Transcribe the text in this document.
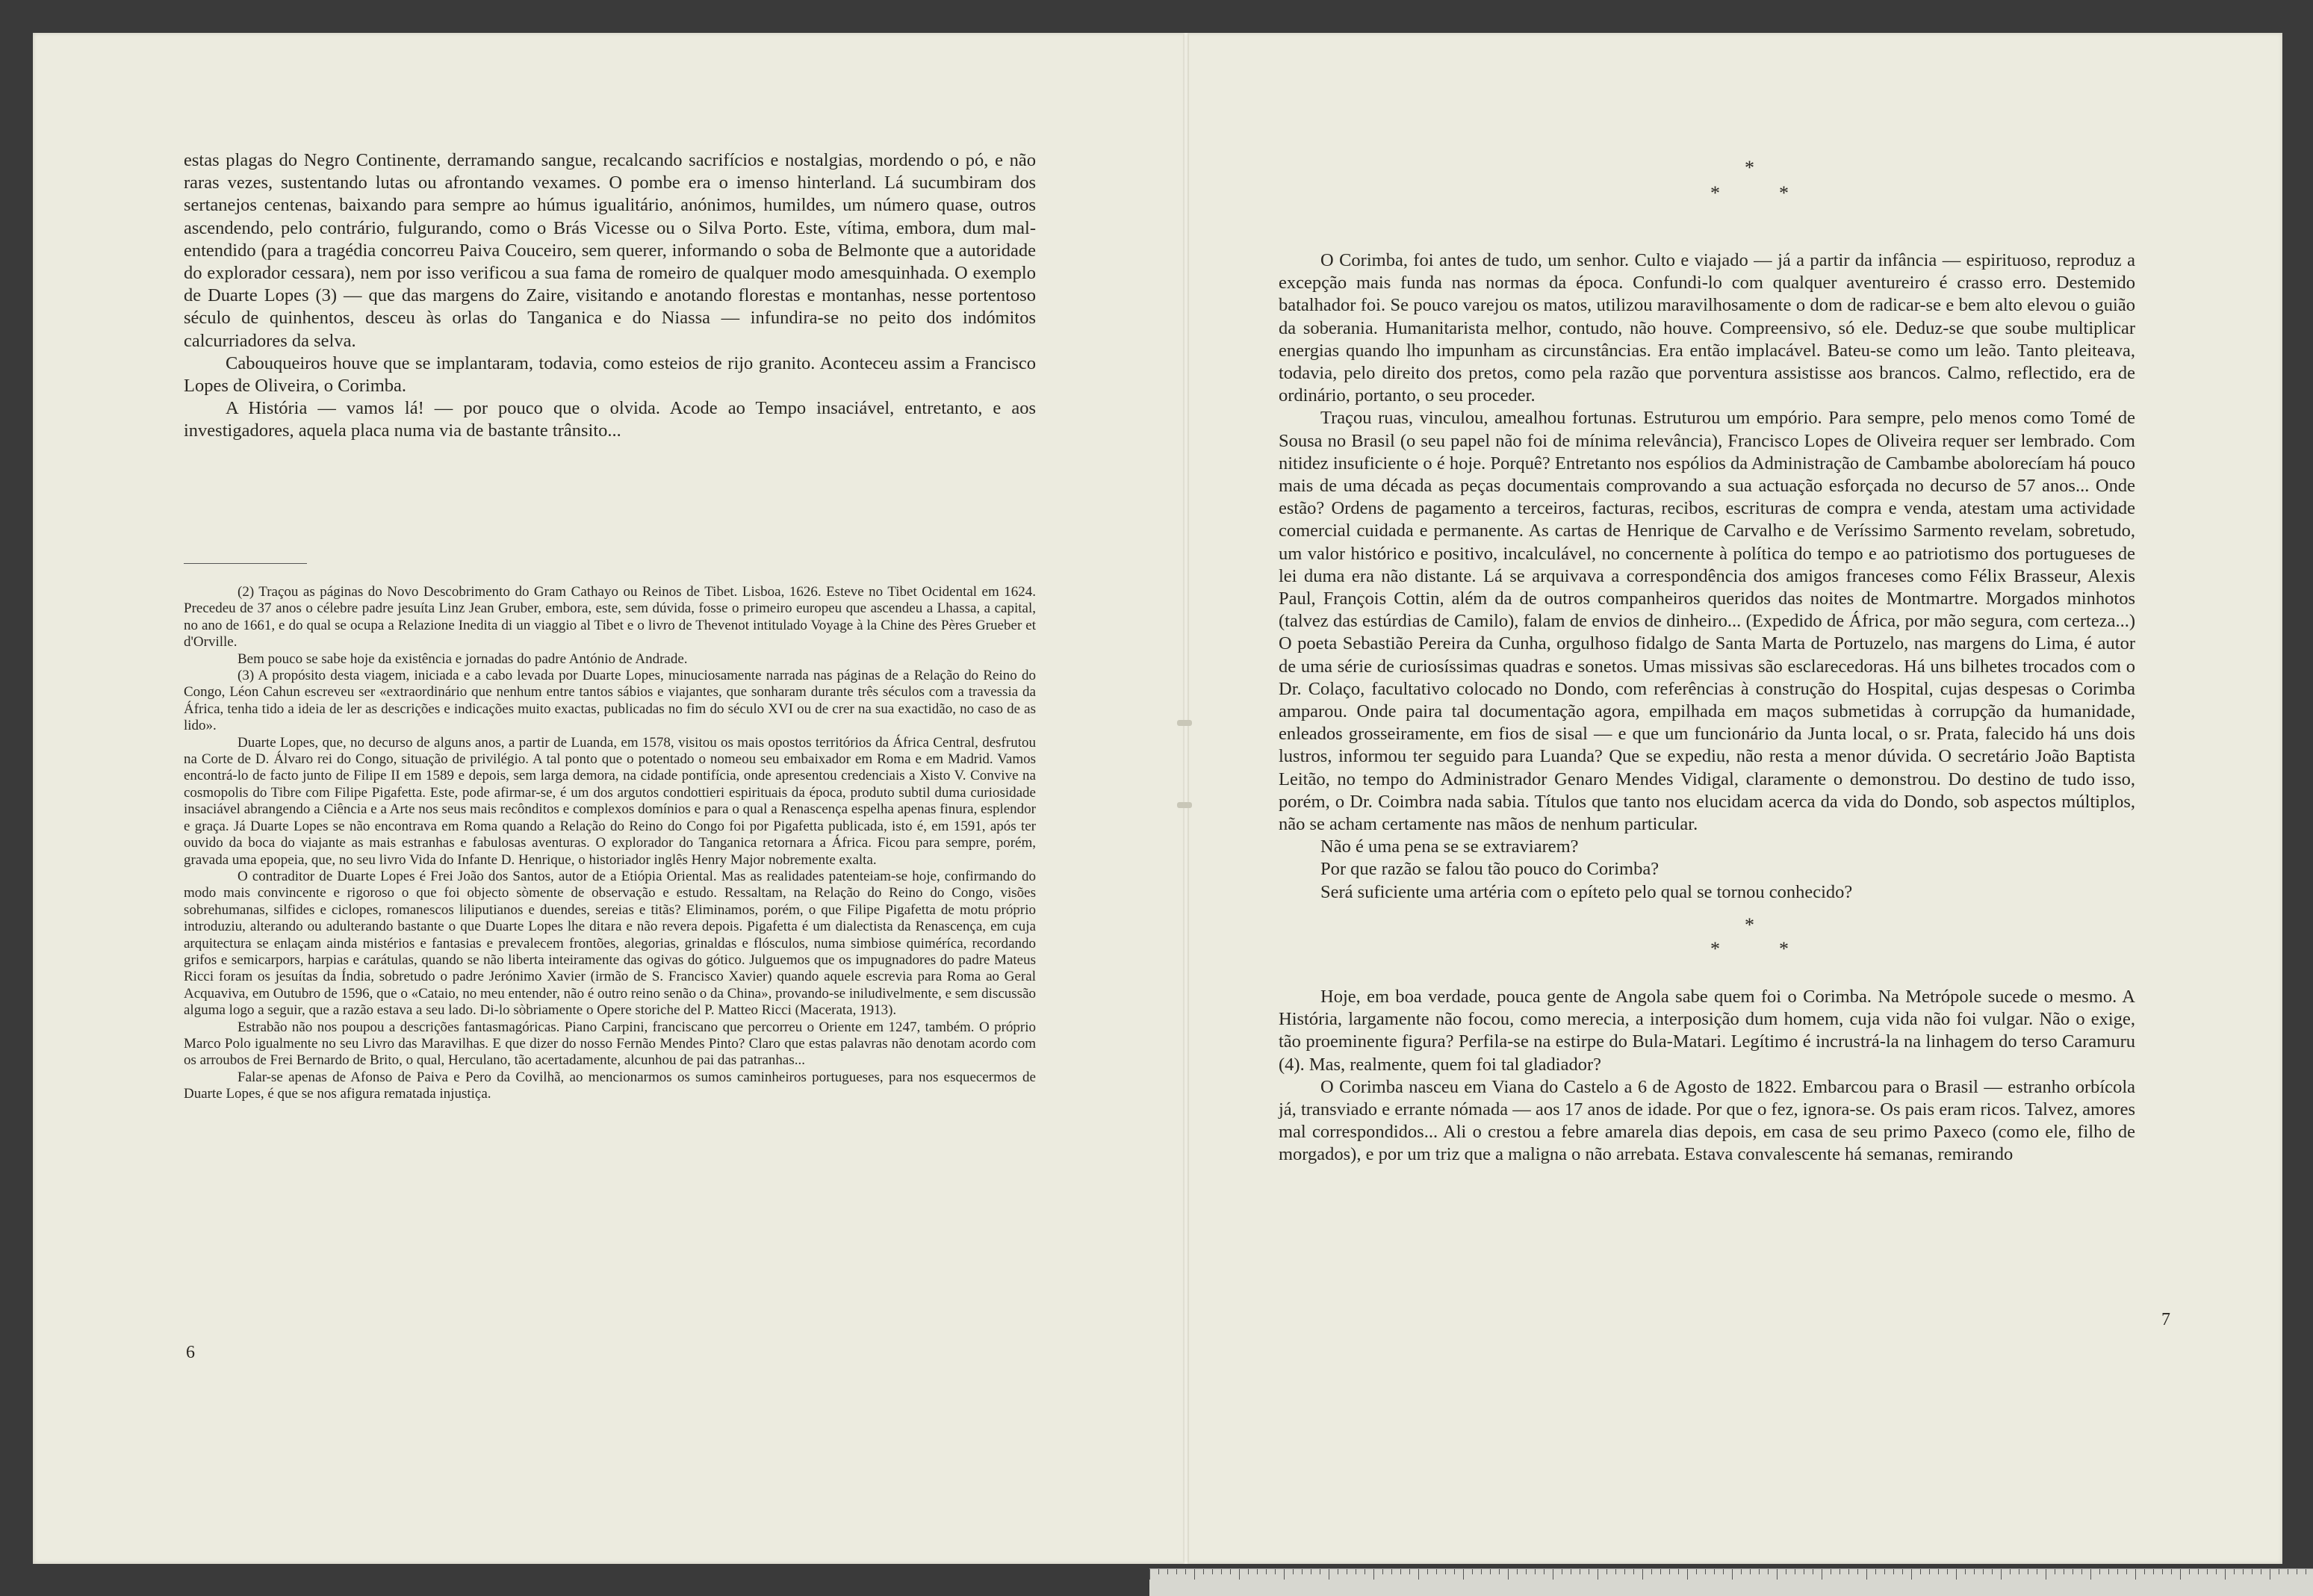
estas plagas do Negro Continente, derramando sangue, recalcando sacrifícios e nostalgias, mordendo o pó, e não raras vezes, sustentando lutas ou afrontando vexames. O pombe era o imenso hinterland. Lá sucumbiram dos sertanejos centenas, baixando para sempre ao húmus igualitário, anónimos, humildes, um número quase, outros ascendendo, pelo contrário, fulgurando, como o Brás Vicesse ou o Silva Porto. Este, vítima, embora, dum mal-entendido (para a tragédia concorreu Paiva Couceiro, sem querer, informando o soba de Belmonte que a autoridade do explorador cessara), nem por isso verificou a sua fama de romeiro de qualquer modo amesquinhada. O exemplo de Duarte Lopes (3) — que das margens do Zaire, visitando e anotando florestas e montanhas, nesse portentoso século de quinhentos, desceu às orlas do Tanganica e do Niassa — infundira-se no peito dos indómitos calcurriadores da selva.

Cabouqueiros houve que se implantaram, todavia, como esteios de rijo granito. Aconteceu assim a Francisco Lopes de Oliveira, o Corimba.

A História — vamos lá! — por pouco que o olvida. Acode ao Tempo insaciável, entretanto, e aos investigadores, aquela placa numa via de bastante trânsito...

(2) Traçou as páginas do Novo Descobrimento do Gram Cathayo ou Reinos de Tibet. Lisboa, 1626. Esteve no Tibet Ocidental em 1624. Precedeu de 37 anos o célebre padre jesuíta Linz Jean Gruber, embora, este, sem dúvida, fosse o primeiro europeu que ascendeu a Lhassa, a capital, no ano de 1661, e do qual se ocupa a Relazione Inedita di un viaggio al Tibet e o livro de Thevenot intitulado Voyage à la Chine des Pères Grueber et d'Orville.

Bem pouco se sabe hoje da existência e jornadas do padre António de Andrade.

(3) A propósito desta viagem, iniciada e a cabo levada por Duarte Lopes, minuciosamente narrada nas páginas de a Relação do Reino do Congo, Léon Cahun escreveu ser «extraordinário que nenhum entre tantos sábios e viajantes, que sonharam durante três séculos com a travessia da África, tenha tido a ideia de ler as descrições e indicações muito exactas, publicadas no fim do século XVI ou de crer na sua exactidão, no caso de as lido».

Duarte Lopes, que, no decurso de alguns anos, a partir de Luanda, em 1578, visitou os mais opostos territórios da África Central, desfrutou na Corte de D. Álvaro rei do Congo, situação de privilégio. A tal ponto que o potentado o nomeou seu embaixador em Roma e em Madrid. Vamos encontrá-lo de facto junto de Filipe II em 1589 e depois, sem larga demora, na cidade pontifícia, onde apresentou credenciais a Xisto V. Convive na cosmopolis do Tibre com Filipe Pigafetta. Este, pode afirmar-se, é um dos argutos condottieri espirituais da época, produto subtil duma curiosidade insaciável abrangendo a Ciência e a Arte nos seus mais recônditos e complexos domínios e para o qual a Renascença espelha apenas finura, esplendor e graça. Já Duarte Lopes se não encontrava em Roma quando a Relação do Reino do Congo foi por Pigafetta publicada, isto é, em 1591, após ter ouvido da boca do viajante as mais estranhas e fabulosas aventuras. O explorador do Tanganica retornara a África. Ficou para sempre, porém, gravada uma epopeia, que, no seu livro Vida do Infante D. Henrique, o historiador inglês Henry Major nobremente exalta.

O contraditor de Duarte Lopes é Frei João dos Santos, autor de a Etiópia Oriental. Mas as realidades patenteiam-se hoje, confirmando do modo mais convincente e rigoroso o que foi objecto sòmente de observação e estudo. Ressaltam, na Relação do Reino do Congo, visões sobrehumanas, silfides e ciclopes, romanescos liliputianos e duendes, sereias e titãs? Eliminamos, porém, o que Filipe Pigafetta de motu próprio introduziu, alterando ou adulterando bastante o que Duarte Lopes lhe ditara e não revera depois. Pigafetta é um dialectista da Renascença, em cuja arquitectura se enlaçam ainda mistérios e fantasias e prevalecem frontões, alegorias, grinaldas e flósculos, numa simbiose quiméríca, recordando grifos e semicarpors, harpias e carátulas, quando se não liberta inteiramente das ogivas do gótico. Julguemos que os impugnadores do padre Mateus Ricci foram os jesuítas da Índia, sobretudo o padre Jerónimo Xavier (irmão de S. Francisco Xavier) quando aquele escrevia para Roma ao Geral Acquaviva, em Outubro de 1596, que o «Cataio, no meu entender, não é outro reino senão o da China», provando-se iniludivelmente, e sem discussão alguma logo a seguir, que a razão estava a seu lado. Di-lo sòbriamente o Opere storiche del P. Matteo Ricci (Macerata, 1913).

Estrabão não nos poupou a descrições fantasmagóricas. Piano Carpini, franciscano que percorreu o Oriente em 1247, também. O próprio Marco Polo igualmente no seu Livro das Maravilhas. E que dizer do nosso Fernão Mendes Pinto? Claro que estas palavras não denotam acordo com os arroubos de Frei Bernardo de Brito, o qual, Herculano, tão acertadamente, alcunhou de pai das patranhas...

Falar-se apenas de Afonso de Paiva e Pero da Covilhã, ao mencionarmos os sumos caminheiros portugueses, para nos esquecermos de Duarte Lopes, é que se nos afigura rematada injustiça.

6
*
*	*

O Corimba, foi antes de tudo, um senhor. Culto e viajado — já a partir da infância — espirituoso, reproduz a excepção mais funda nas normas da época. Confundi-lo com qualquer aventureiro é crasso erro. Destemido batalhador foi. Se pouco varejou os matos, utilizou maravilhosamente o dom de radicar-se e bem alto elevou o guião da soberania. Humanitarista melhor, contudo, não houve. Compreensivo, só ele. Deduz-se que soube multiplicar energias quando lho impunham as circunstâncias. Era então implacável. Bateu-se como um leão. Tanto pleiteava, todavia, pelo direito dos pretos, como pela razão que porventura assistisse aos brancos. Calmo, reflectido, era de ordinário, portanto, o seu proceder.

Traçou ruas, vinculou, amealhou fortunas. Estruturou um empório. Para sempre, pelo menos como Tomé de Sousa no Brasil (o seu papel não foi de mínima relevância), Francisco Lopes de Oliveira requer ser lembrado. Com nitidez insuficiente o é hoje. Porquê? Entretanto nos espólios da Administração de Cambambe abolorecíam há pouco mais de uma década as peças documentais comprovando a sua actuação esforçada no decurso de 57 anos... Onde estão? Ordens de pagamento a terceiros, facturas, recibos, escrituras de compra e venda, atestam uma actividade comercial cuidada e permanente. As cartas de Henrique de Carvalho e de Veríssimo Sarmento revelam, sobretudo, um valor histórico e positivo, incalculável, no concernente à política do tempo e ao patriotismo dos portugueses de lei duma era não distante. Lá se arquivava a correspondência dos amigos franceses como Félix Brasseur, Alexis Paul, François Cottin, além da de outros companheiros queridos das noites de Montmartre. Morgados minhotos (talvez das estúrdias de Camilo), falam de envios de dinheiro... (Expedido de África, por mão segura, com certeza...) O poeta Sebastião Pereira da Cunha, orgulhoso fidalgo de Santa Marta de Portuzelo, nas margens do Lima, é autor de uma série de curiosíssimas quadras e sonetos. Umas missivas são esclarecedoras. Há uns bilhetes trocados com o Dr. Colaço, facultativo colocado no Dondo, com referências à construção do Hospital, cujas despesas o Corimba amparou. Onde paira tal documentação agora, empilhada em maços submetidas à corrupção da humanidade, enleados grosseiramente, em fios de sisal — e que um funcionário da Junta local, o sr. Prata, falecido há uns dois lustros, informou ter seguido para Luanda? Que se expediu, não resta a menor dúvida. O secretário João Baptista Leitão, no tempo do Administrador Genaro Mendes Vidigal, claramente o demonstrou. Do destino de tudo isso, porém, o Dr. Coimbra nada sabia. Títulos que tanto nos elucidam acerca da vida do Dondo, sob aspectos múltiplos, não se acham certamente nas mãos de nenhum particular.

Não é uma pena se se extraviarem?

Por que razão se falou tão pouco do Corimba?

Será suficiente uma artéria com o epíteto pelo qual se tornou conhecido?

*
*	*

Hoje, em boa verdade, pouca gente de Angola sabe quem foi o Corimba. Na Metrópole sucede o mesmo. A História, largamente não focou, como merecia, a interposição dum homem, cuja vida não foi vulgar. Não o exige, tão proeminente figura? Perfila-se na estirpe do Bula-Matari. Legítimo é incrustrá-la na linhagem do terso Caramuru (4). Mas, realmente, quem foi tal gladiador?

O Corimba nasceu em Viana do Castelo a 6 de Agosto de 1822. Embarcou para o Brasil — estranho orbícola já, transviado e errante nómada — aos 17 anos de idade. Por que o fez, ignora-se. Os pais eram ricos. Talvez, amores mal correspondidos... Ali o crestou a febre amarela dias depois, em casa de seu primo Paxeco (como ele, filho de morgados), e por um triz que a maligna o não arrebata. Estava convalescente há semanas, remirando

7
